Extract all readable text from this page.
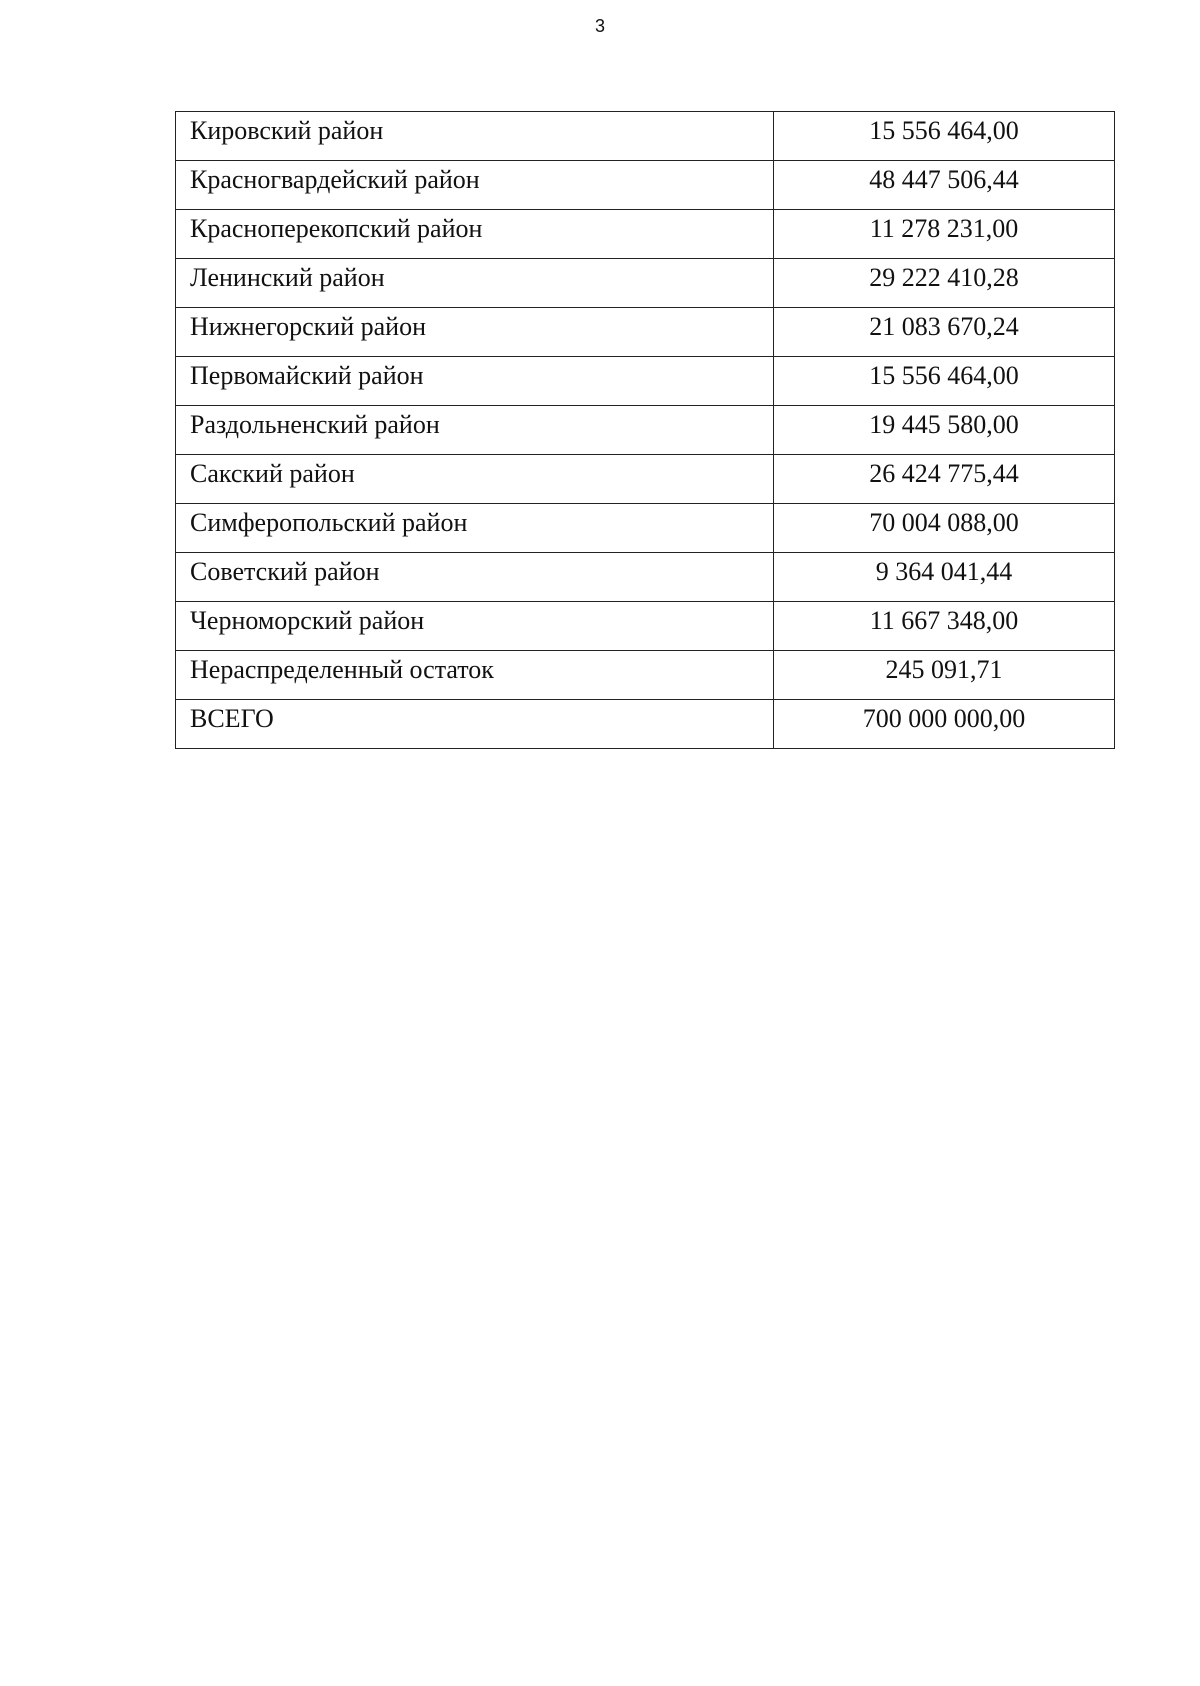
3
Кировский район	15 556 464,00
Красногвардейский район	48 447 506,44
Красноперекопский район	11 278 231,00
Ленинский район	29 222 410,28
Нижнегорский район	21 083 670,24
Первомайский район	15 556 464,00
Раздольненский район	19 445 580,00
Сакский район	26 424 775,44
Симферопольский район	70 004 088,00
Советский район	9 364 041,44
Черноморский район	11 667 348,00
Нераспределенный остаток	245 091,71
ВСЕГО	700 000 000,00
